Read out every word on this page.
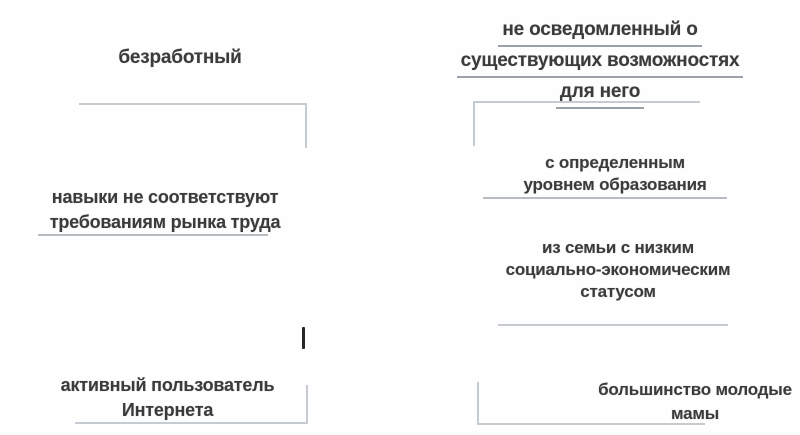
безработный
навыки не соответствуют
требованиям рынка труда
активный пользователь
Интернета
не осведомленный о
существующих возможностях
для него
с определенным
уровнем образования
из семьи с низким
социально-экономическим
статусом
большинство молодые
мамы
